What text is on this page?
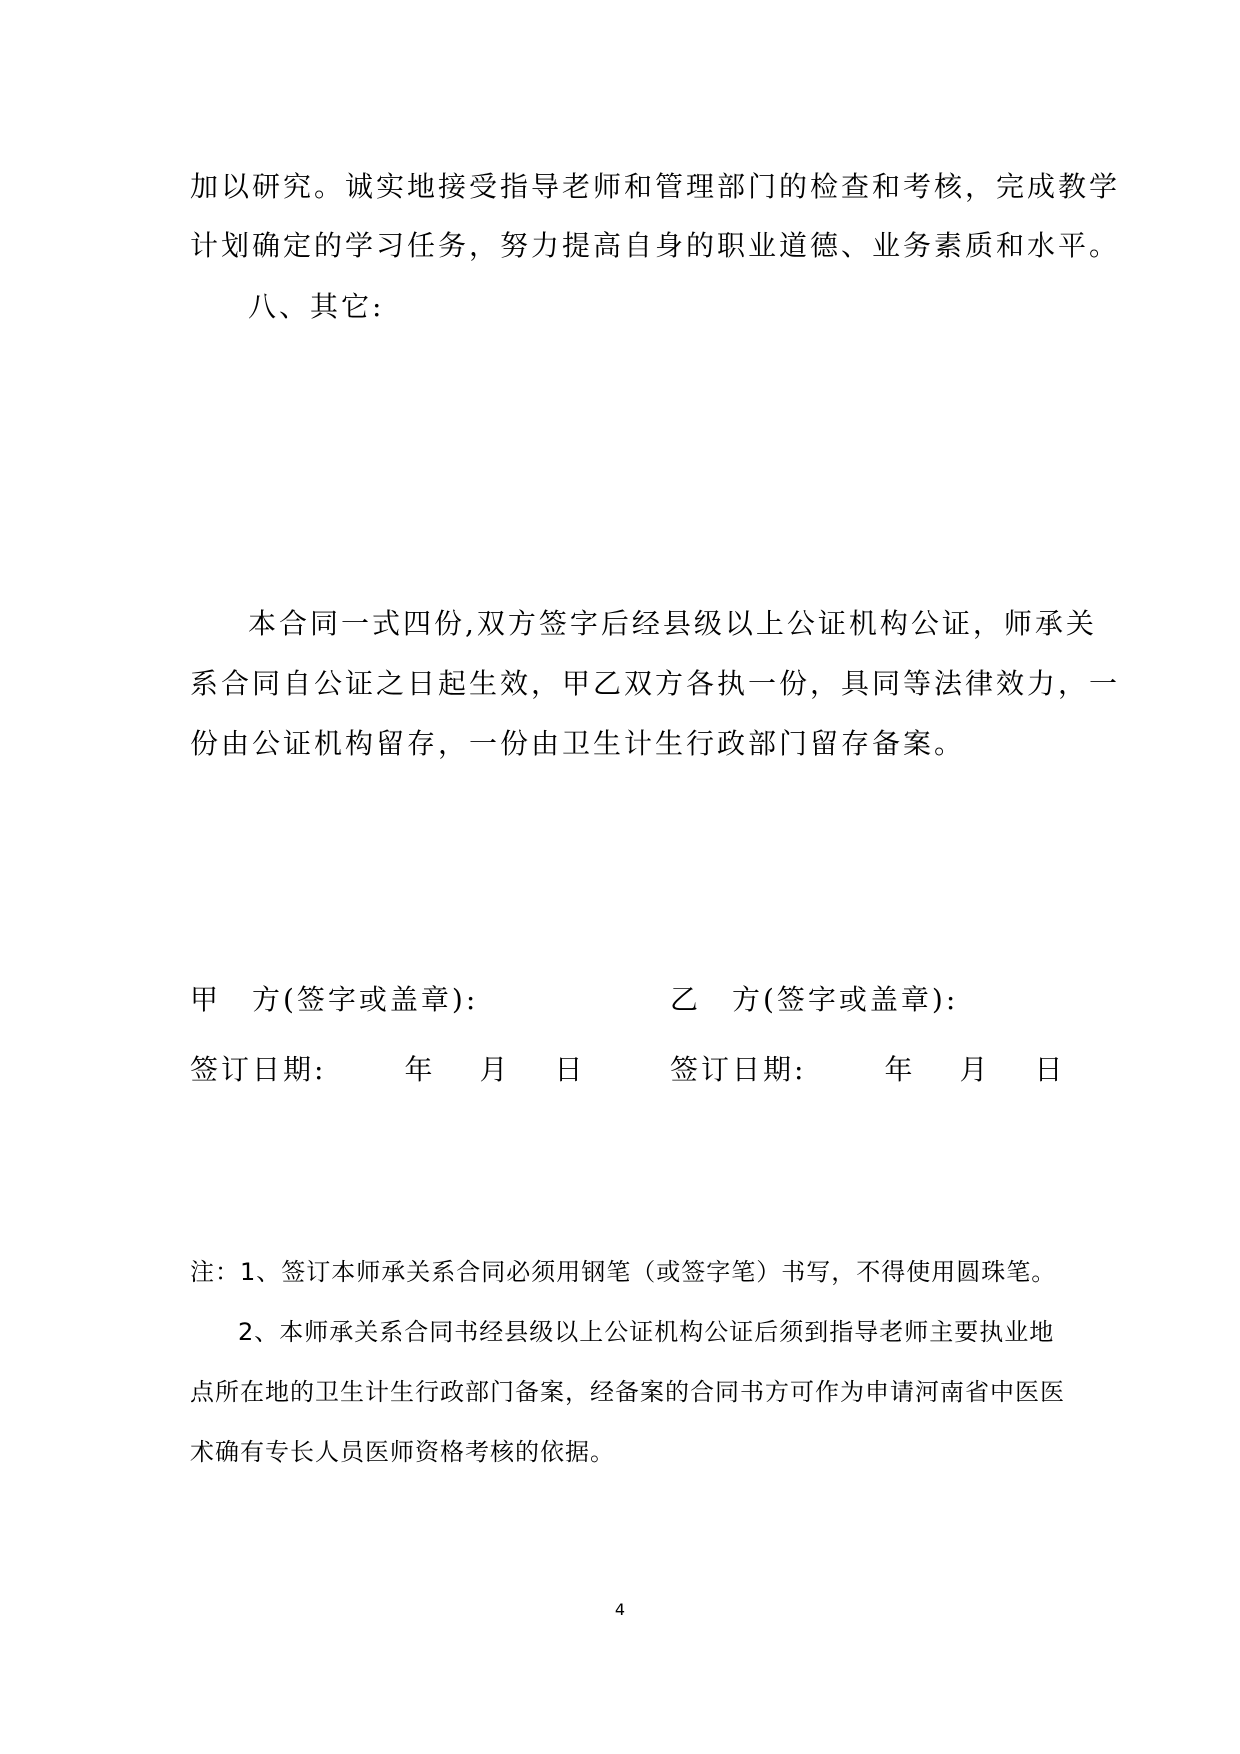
加以研究。诚实地接受指导老师和管理部门的检查和考核，完成教学
计划确定的学习任务，努力提高自身的职业道德、业务素质和水平。
八、其它:
本合同一式四份,双方签字后经县级以上公证机构公证，师承关
系合同自公证之日起生效，甲乙双方各执一份，具同等法律效力，一
份由公证机构留存，一份由卫生计生行政部门留存备案。
甲　方(签字或盖章):	乙　方(签字或盖章):
签订日期:	年 月 日	签订日期:	年 月 日
注：1、签订本师承关系合同必须用钢笔（或签字笔）书写，不得使用圆珠笔。
2、本师承关系合同书经县级以上公证机构公证后须到指导老师主要执业地
点所在地的卫生计生行政部门备案，经备案的合同书方可作为申请河南省中医医
术确有专长人员医师资格考核的依据。
4
